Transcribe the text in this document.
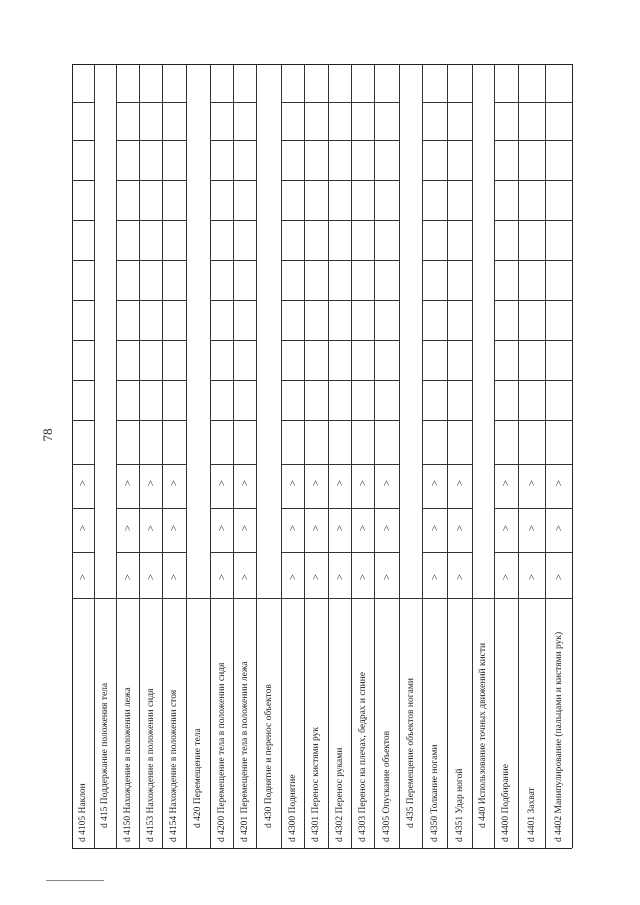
78
d 4105 Наклон
>
>
>
d 415 Поддержание положения тела d 4150 Нахождение в положении лежа
>
>
>
d 4153 Нахождение в положении сидя
>
>
>
d 4154 Нахождение в положении стоя
>
>
>
d 420 Перемещение тела d 4200 Перемещение тела в положении сидя
>
>
>
d 4201 Перемещение тела в положении лежа
>
>
>
d 430 Поднятие и перенос объектов d 4300 Поднятие
>
>
>
d 4301 Перенос кистями рук
>
>
>
d 4302 Перенос руками
>
>
>
d 4303 Перенос на плечах, бедрах и спине
>
>
>
d 4305 Опускание объектов
>
>
>
d 435 Перемещение объектов ногами d 4350 Толкание ногами
>
>
>
d 4351 Удар ногой
>
>
>
d 440 Использование точных движений кисти d 4400 Подбирание
>
>
>
d 4401 Захват
>
>
>
d 4402 Манипулирование (пальцами и кистями рук)
>
>
>
